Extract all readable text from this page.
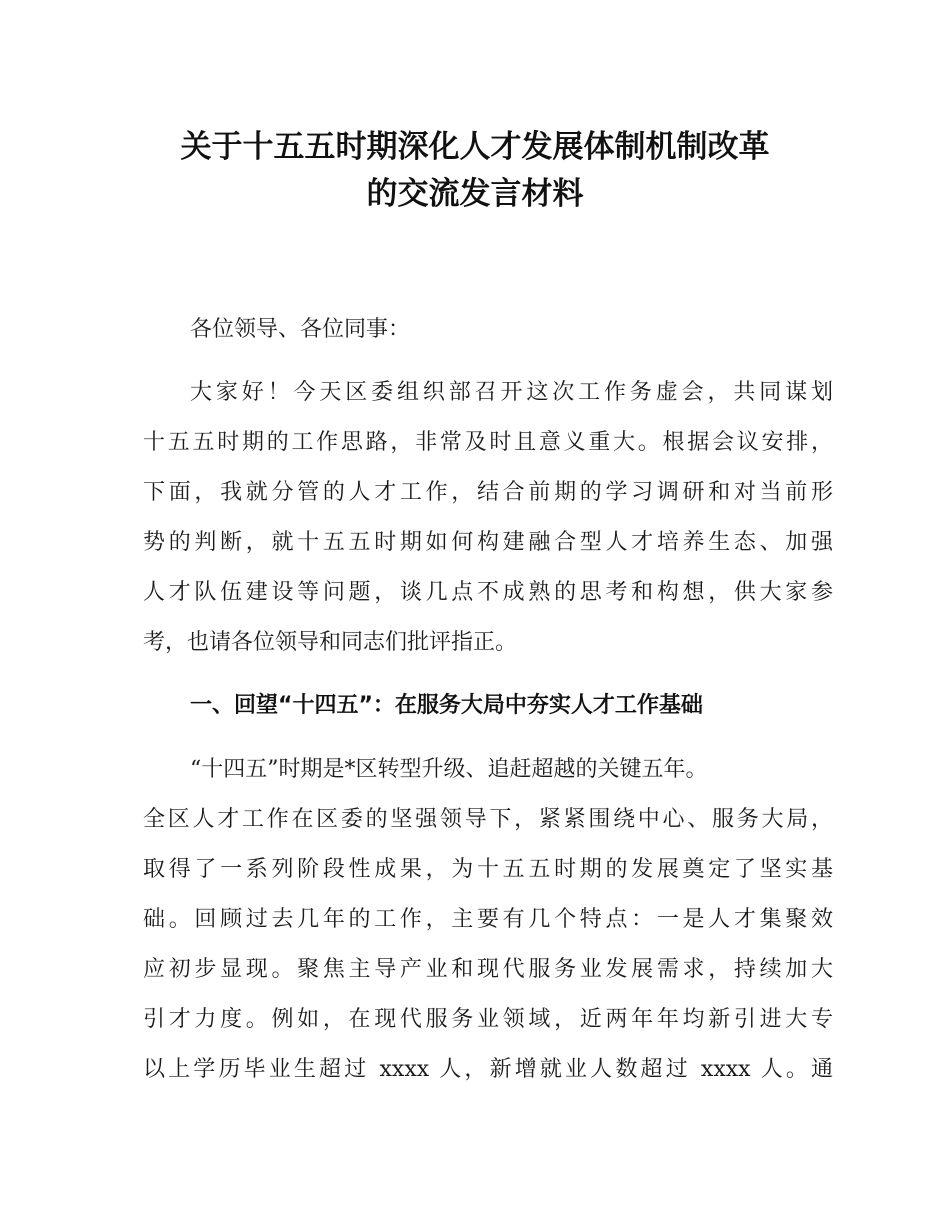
关于十五五时期深化人才发展体制机制改革
的交流发言材料
各位领导、各位同事：
大家好！今天区委组织部召开这次工作务虚会，共同谋划
十五五时期的工作思路，非常及时且意义重大。根据会议安排，
下面，我就分管的人才工作，结合前期的学习调研和对当前形
势的判断，就十五五时期如何构建融合型人才培养生态、加强
人才队伍建设等问题，谈几点不成熟的思考和构想，供大家参
考，也请各位领导和同志们批评指正。
一、回望“十四五”：在服务大局中夯实人才工作基础
“十四五”时期是*区转型升级、追赶超越的关键五年。
全区人才工作在区委的坚强领导下，紧紧围绕中心、服务大局，
取得了一系列阶段性成果，为十五五时期的发展奠定了坚实基
础。回顾过去几年的工作，主要有几个特点：一是人才集聚效
应初步显现。聚焦主导产业和现代服务业发展需求，持续加大
引才力度。例如，在现代服务业领域，近两年年均新引进大专
以上学历毕业生超过 xxxx 人，新增就业人数超过 xxxx 人。通
